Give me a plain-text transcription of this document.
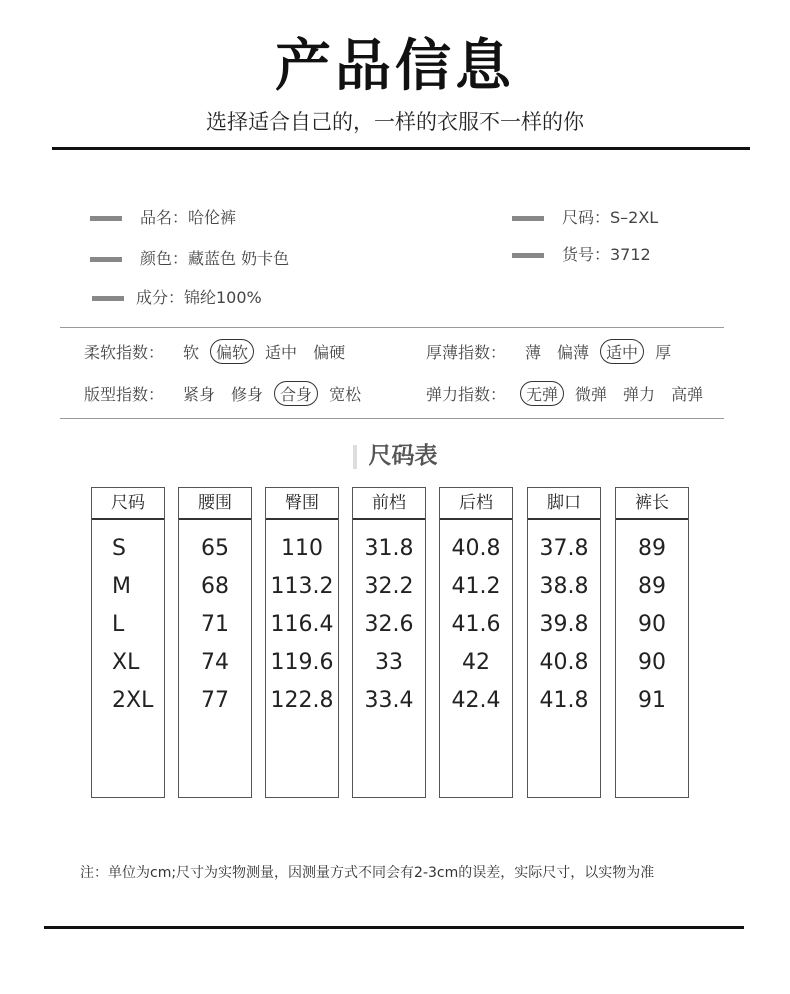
产品信息
选择适合自己的，一样的衣服不一样的你
品名：哈伦裤
颜色：藏蓝色 奶卡色
成分：锦纶100%
尺码：S–2XL
货号：3712
柔软指数： 软 偏软 适中 偏硬	厚薄指数： 薄 偏薄 适中 厚
版型指数： 紧身 修身 合身 宽松	弹力指数： 无弹 微弹 弹力 高弹
尺码表
尺码
S
M
L
XL
2XL
腰围
65
68
71
74
77
臀围
110
113.2
116.4
119.6
122.8
前档
31.8
32.2
32.6
33
33.4
后档
40.8
41.2
41.6
42
42.4
脚口
37.8
38.8
39.8
40.8
41.8
裤长
89
89
90
90
91
注：单位为cm;尺寸为实物测量，因测量方式不同会有2-3cm的误差，实际尺寸，以实物为准
